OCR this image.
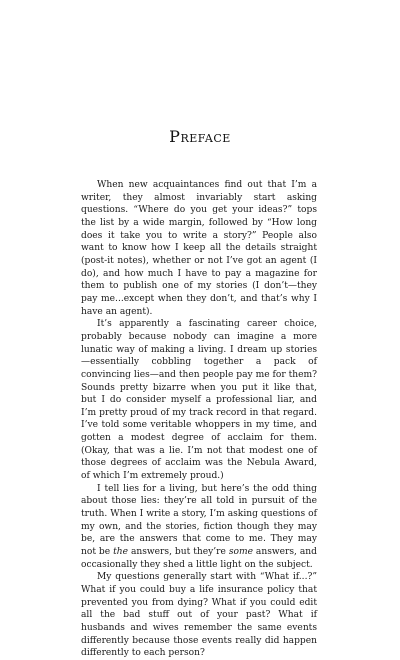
Preface

When new acquaintances find out that I’m a writer, they almost invariably start asking questions. “Where do you get your ideas?” tops the list by a wide margin, followed by “How long does it take you to write a story?” People also want to know how I keep all the details straight (post-it notes), whether or not I’ve got an agent (I do), and how much I have to pay a magazine for them to publish one of my stories (I don’t—they pay me...except when they don’t, and that’s why I have an agent).

It’s apparently a fascinating career choice, probably because nobody can imagine a more lunatic way of making a living. I dream up stories—essentially cobbling together a pack of convincing lies—and then people pay me for them? Sounds pretty bizarre when you put it like that, but I do consider myself a professional liar, and I’m pretty proud of my track record in that regard. I’ve told some veritable whoppers in my time, and gotten a modest degree of acclaim for them. (Okay, that was a lie. I’m not that modest one of those degrees of acclaim was the Nebula Award, of which I’m extremely proud.)

I tell lies for a living, but here’s the odd thing about those lies: they’re all told in pursuit of the truth. When I write a story, I’m asking questions of my own, and the stories, fiction though they may be, are the answers that come to me. They may not be the answers, but they’re some answers, and occasionally they shed a little light on the subject.

My questions generally start with “What if...?” What if you could buy a life insurance policy that prevented you from dying? What if you could edit all the bad stuff out of your past? What if husbands and wives remember the same events differently because those events really did happen differently to each person?
